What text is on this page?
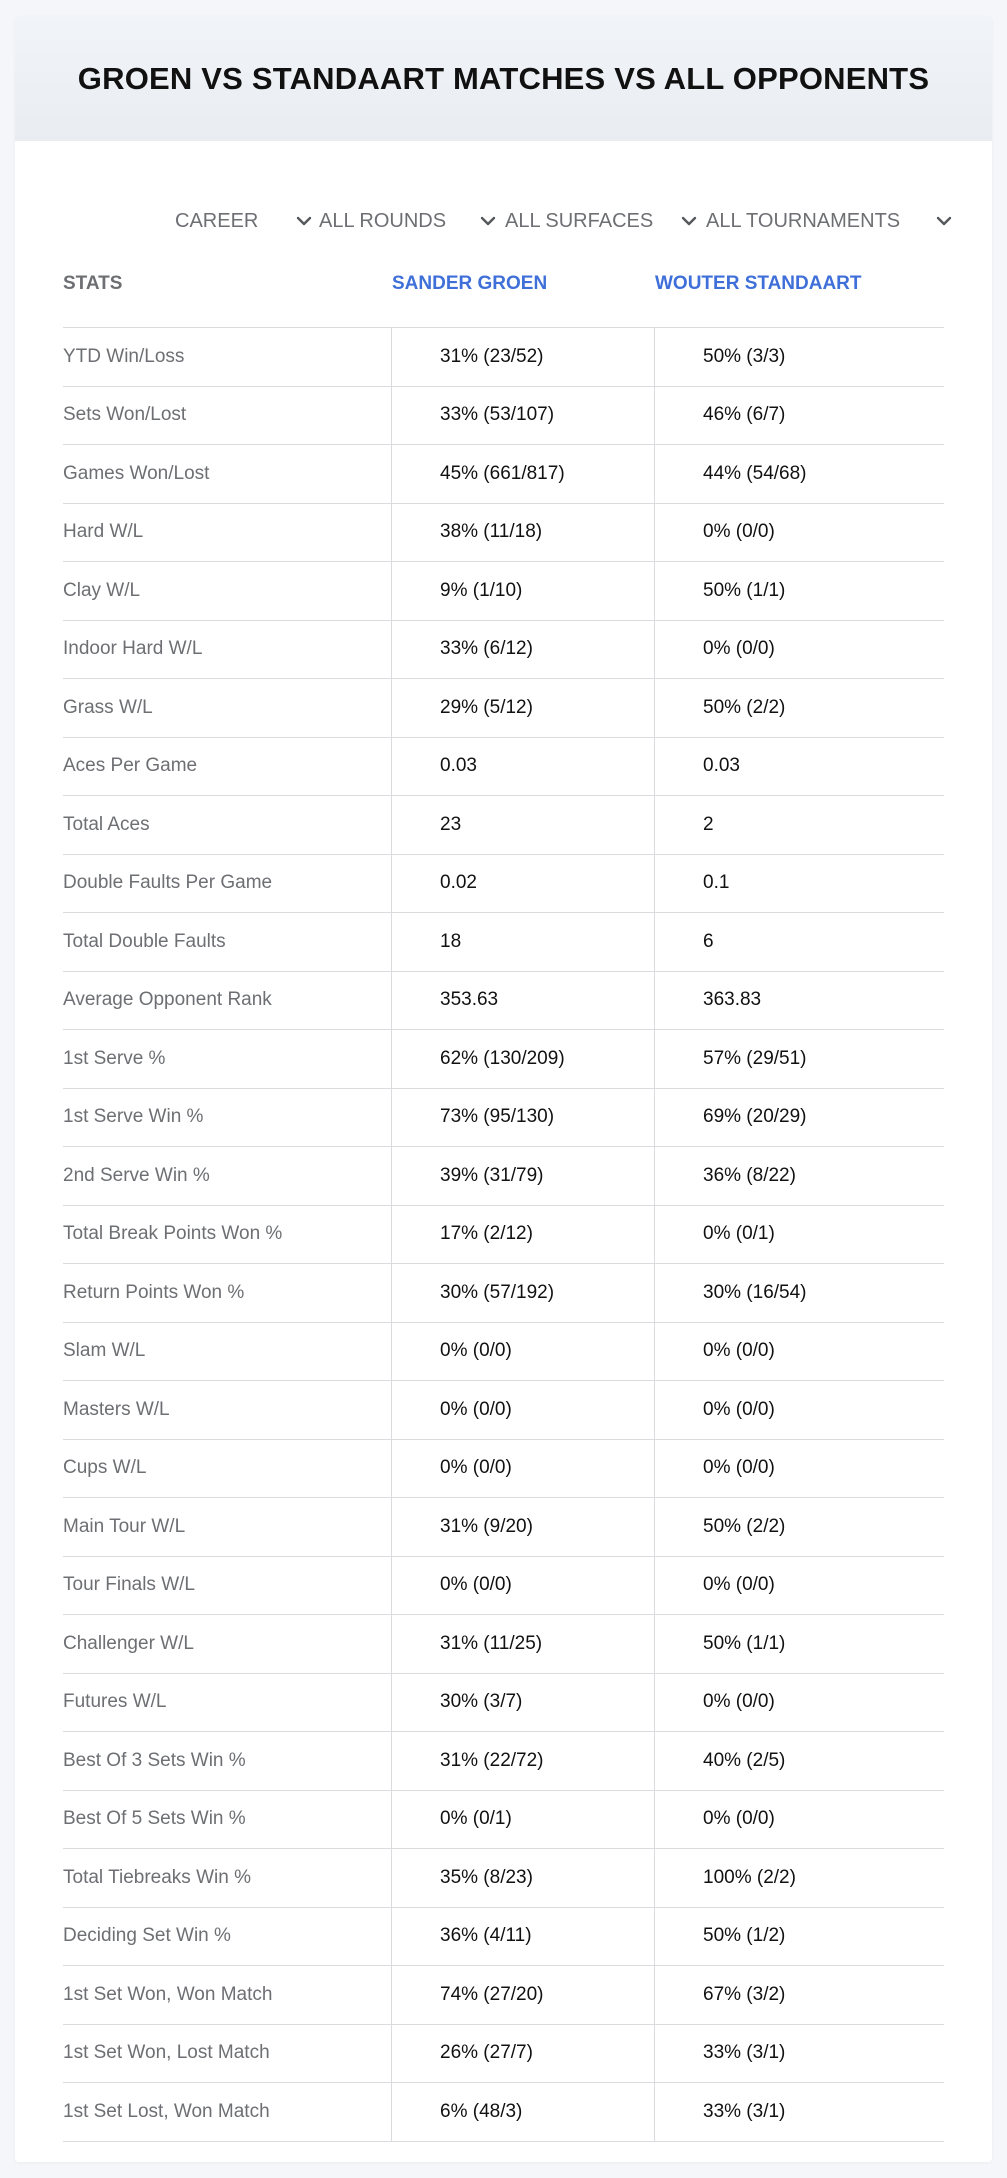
GROEN VS STANDAART MATCHES VS ALL OPPONENTS
CAREER	ALL ROUNDS	ALL SURFACES	ALL TOURNAMENTS
STATS	SANDER GROEN	WOUTER STANDAART
YTD Win/Loss	31% (23/52)	50% (3/3)
Sets Won/Lost	33% (53/107)	46% (6/7)
Games Won/Lost	45% (661/817)	44% (54/68)
Hard W/L	38% (11/18)	0% (0/0)
Clay W/L	9% (1/10)	50% (1/1)
Indoor Hard W/L	33% (6/12)	0% (0/0)
Grass W/L	29% (5/12)	50% (2/2)
Aces Per Game	0.03	0.03
Total Aces	23	2
Double Faults Per Game	0.02	0.1
Total Double Faults	18	6
Average Opponent Rank	353.63	363.83
1st Serve %	62% (130/209)	57% (29/51)
1st Serve Win %	73% (95/130)	69% (20/29)
2nd Serve Win %	39% (31/79)	36% (8/22)
Total Break Points Won %	17% (2/12)	0% (0/1)
Return Points Won %	30% (57/192)	30% (16/54)
Slam W/L	0% (0/0)	0% (0/0)
Masters W/L	0% (0/0)	0% (0/0)
Cups W/L	0% (0/0)	0% (0/0)
Main Tour W/L	31% (9/20)	50% (2/2)
Tour Finals W/L	0% (0/0)	0% (0/0)
Challenger W/L	31% (11/25)	50% (1/1)
Futures W/L	30% (3/7)	0% (0/0)
Best Of 3 Sets Win %	31% (22/72)	40% (2/5)
Best Of 5 Sets Win %	0% (0/1)	0% (0/0)
Total Tiebreaks Win %	35% (8/23)	100% (2/2)
Deciding Set Win %	36% (4/11)	50% (1/2)
1st Set Won, Won Match	74% (27/20)	67% (3/2)
1st Set Won, Lost Match	26% (27/7)	33% (3/1)
1st Set Lost, Won Match	6% (48/3)	33% (3/1)
